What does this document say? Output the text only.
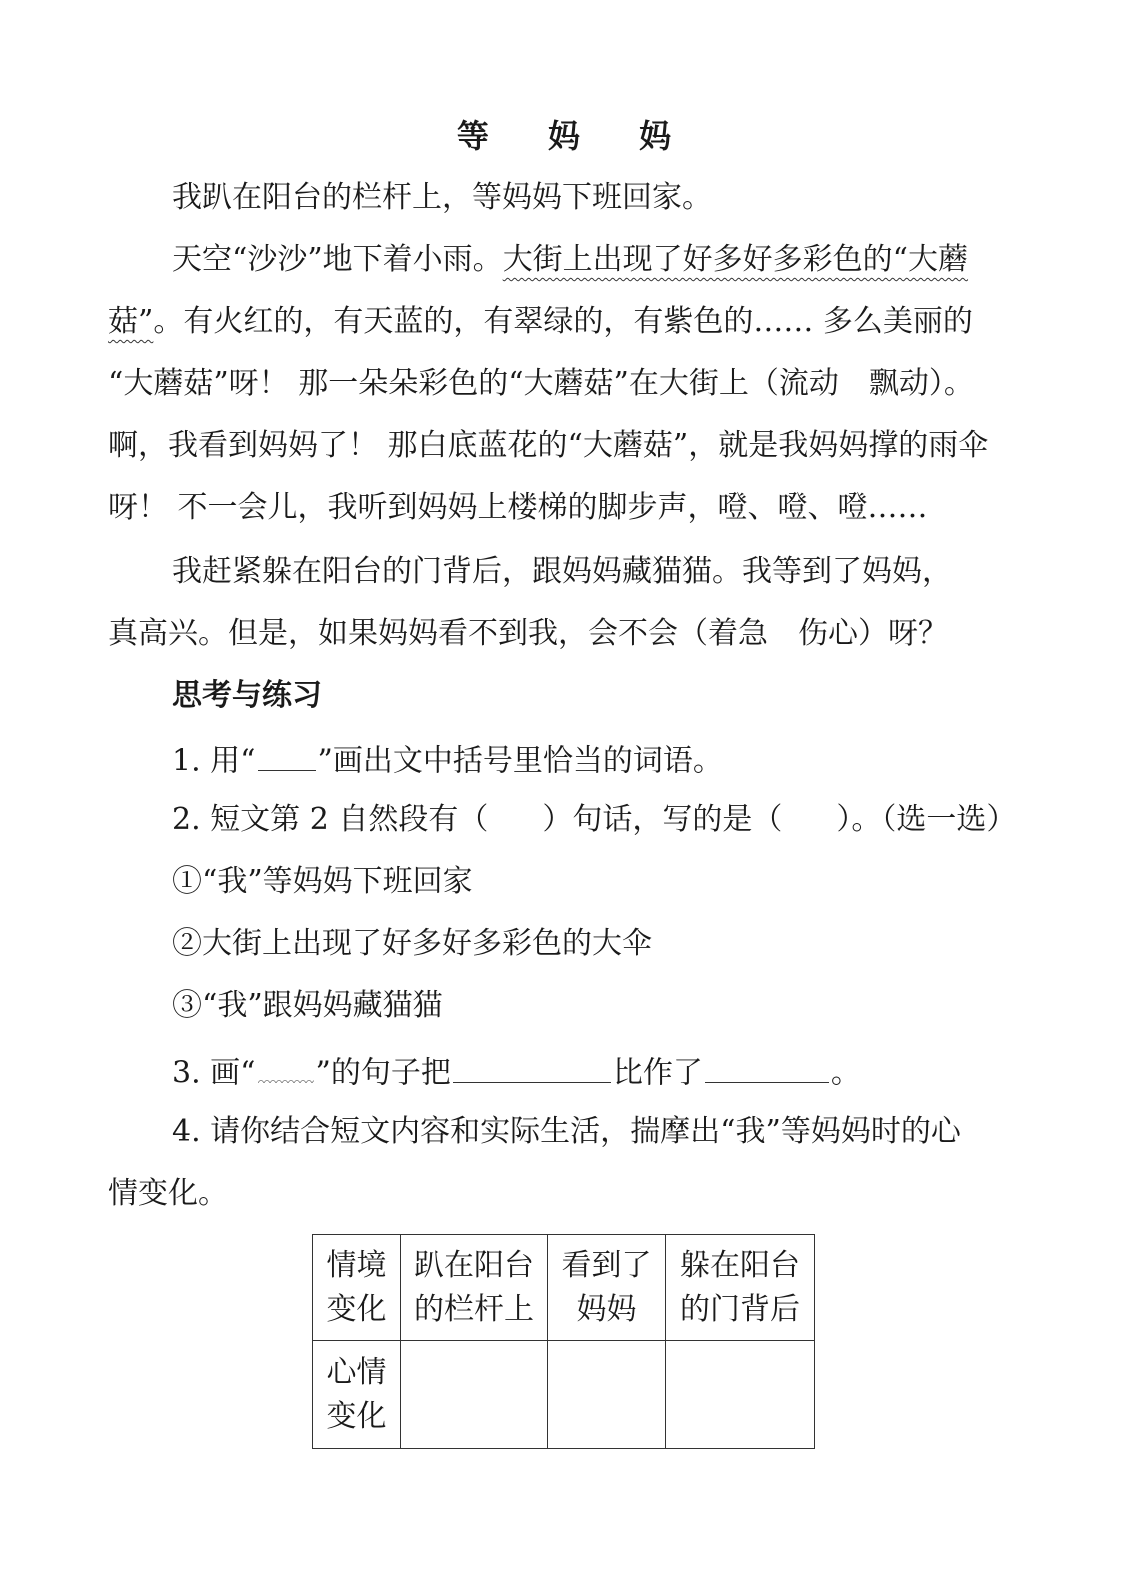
等 妈 妈
我趴在阳台的栏杆上，等妈妈下班回家。
天空“沙沙”地下着小雨。大街上出现了好多好多彩色的“大蘑
菇”。有火红的，有天蓝的，有翠绿的，有紫色的…… 多么美丽的
“大蘑菇”呀！ 那一朵朵彩色的“大蘑菇”在大街上（流动　飘动）。
啊，我看到妈妈了！ 那白底蓝花的“大蘑菇”，就是我妈妈撑的雨伞
呀！ 不一会儿，我听到妈妈上楼梯的脚步声，噔、噔、噔……
我赶紧躲在阳台的门背后，跟妈妈藏猫猫。我等到了妈妈，
真高兴。但是，如果妈妈看不到我，会不会（着急　伤心）呀？
思考与练习
1. 用“ ”画出文中括号里恰当的词语。
2. 短文第 2 自然段有（ ）句话，写的是（ ）。（选一选）
①“我”等妈妈下班回家
②大街上出现了好多好多彩色的大伞
③“我”跟妈妈藏猫猫
3. 画“ ”的句子把	比作了	。
4. 请你结合短文内容和实际生活，揣摩出“我”等妈妈时的心
情变化。
情境变化	趴在阳台的栏杆上	看到了妈妈	躲在阳台的门背后
心情变化			
